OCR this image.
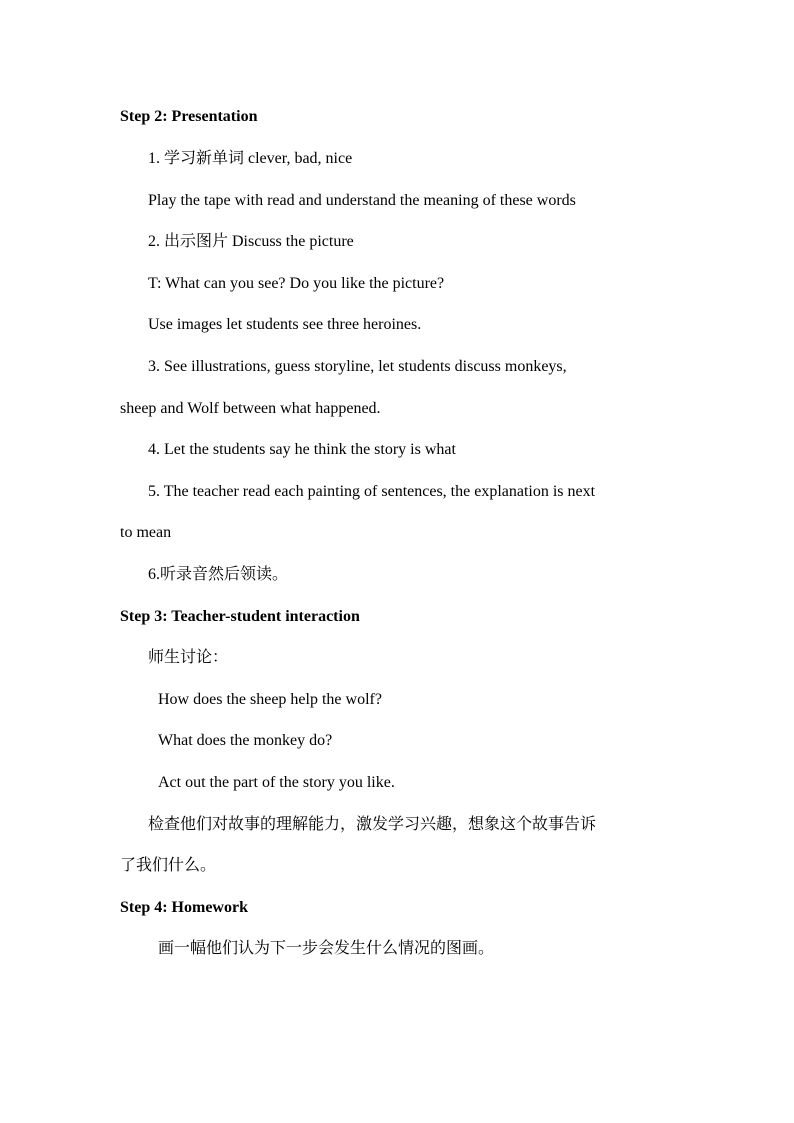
Step 2: Presentation
1. 学习新单词 clever, bad, nice
Play the tape with read and understand the meaning of these words
2. 出示图片 Discuss the picture
T: What can you see? Do you like the picture?
Use images let students see three heroines.
3. See illustrations, guess storyline, let students discuss monkeys,
sheep and Wolf between what happened.
4. Let the students say he think the story is what
5. The teacher read each painting of sentences, the explanation is next
to mean
6.听录音然后领读。
Step 3: Teacher-student interaction
师生讨论：
How does the sheep help the wolf?
What does the monkey do?
Act out the part of the story you like.
检查他们对故事的理解能力，激发学习兴趣，想象这个故事告诉
了我们什么。
Step 4: Homework
画一幅他们认为下一步会发生什么情况的图画。
